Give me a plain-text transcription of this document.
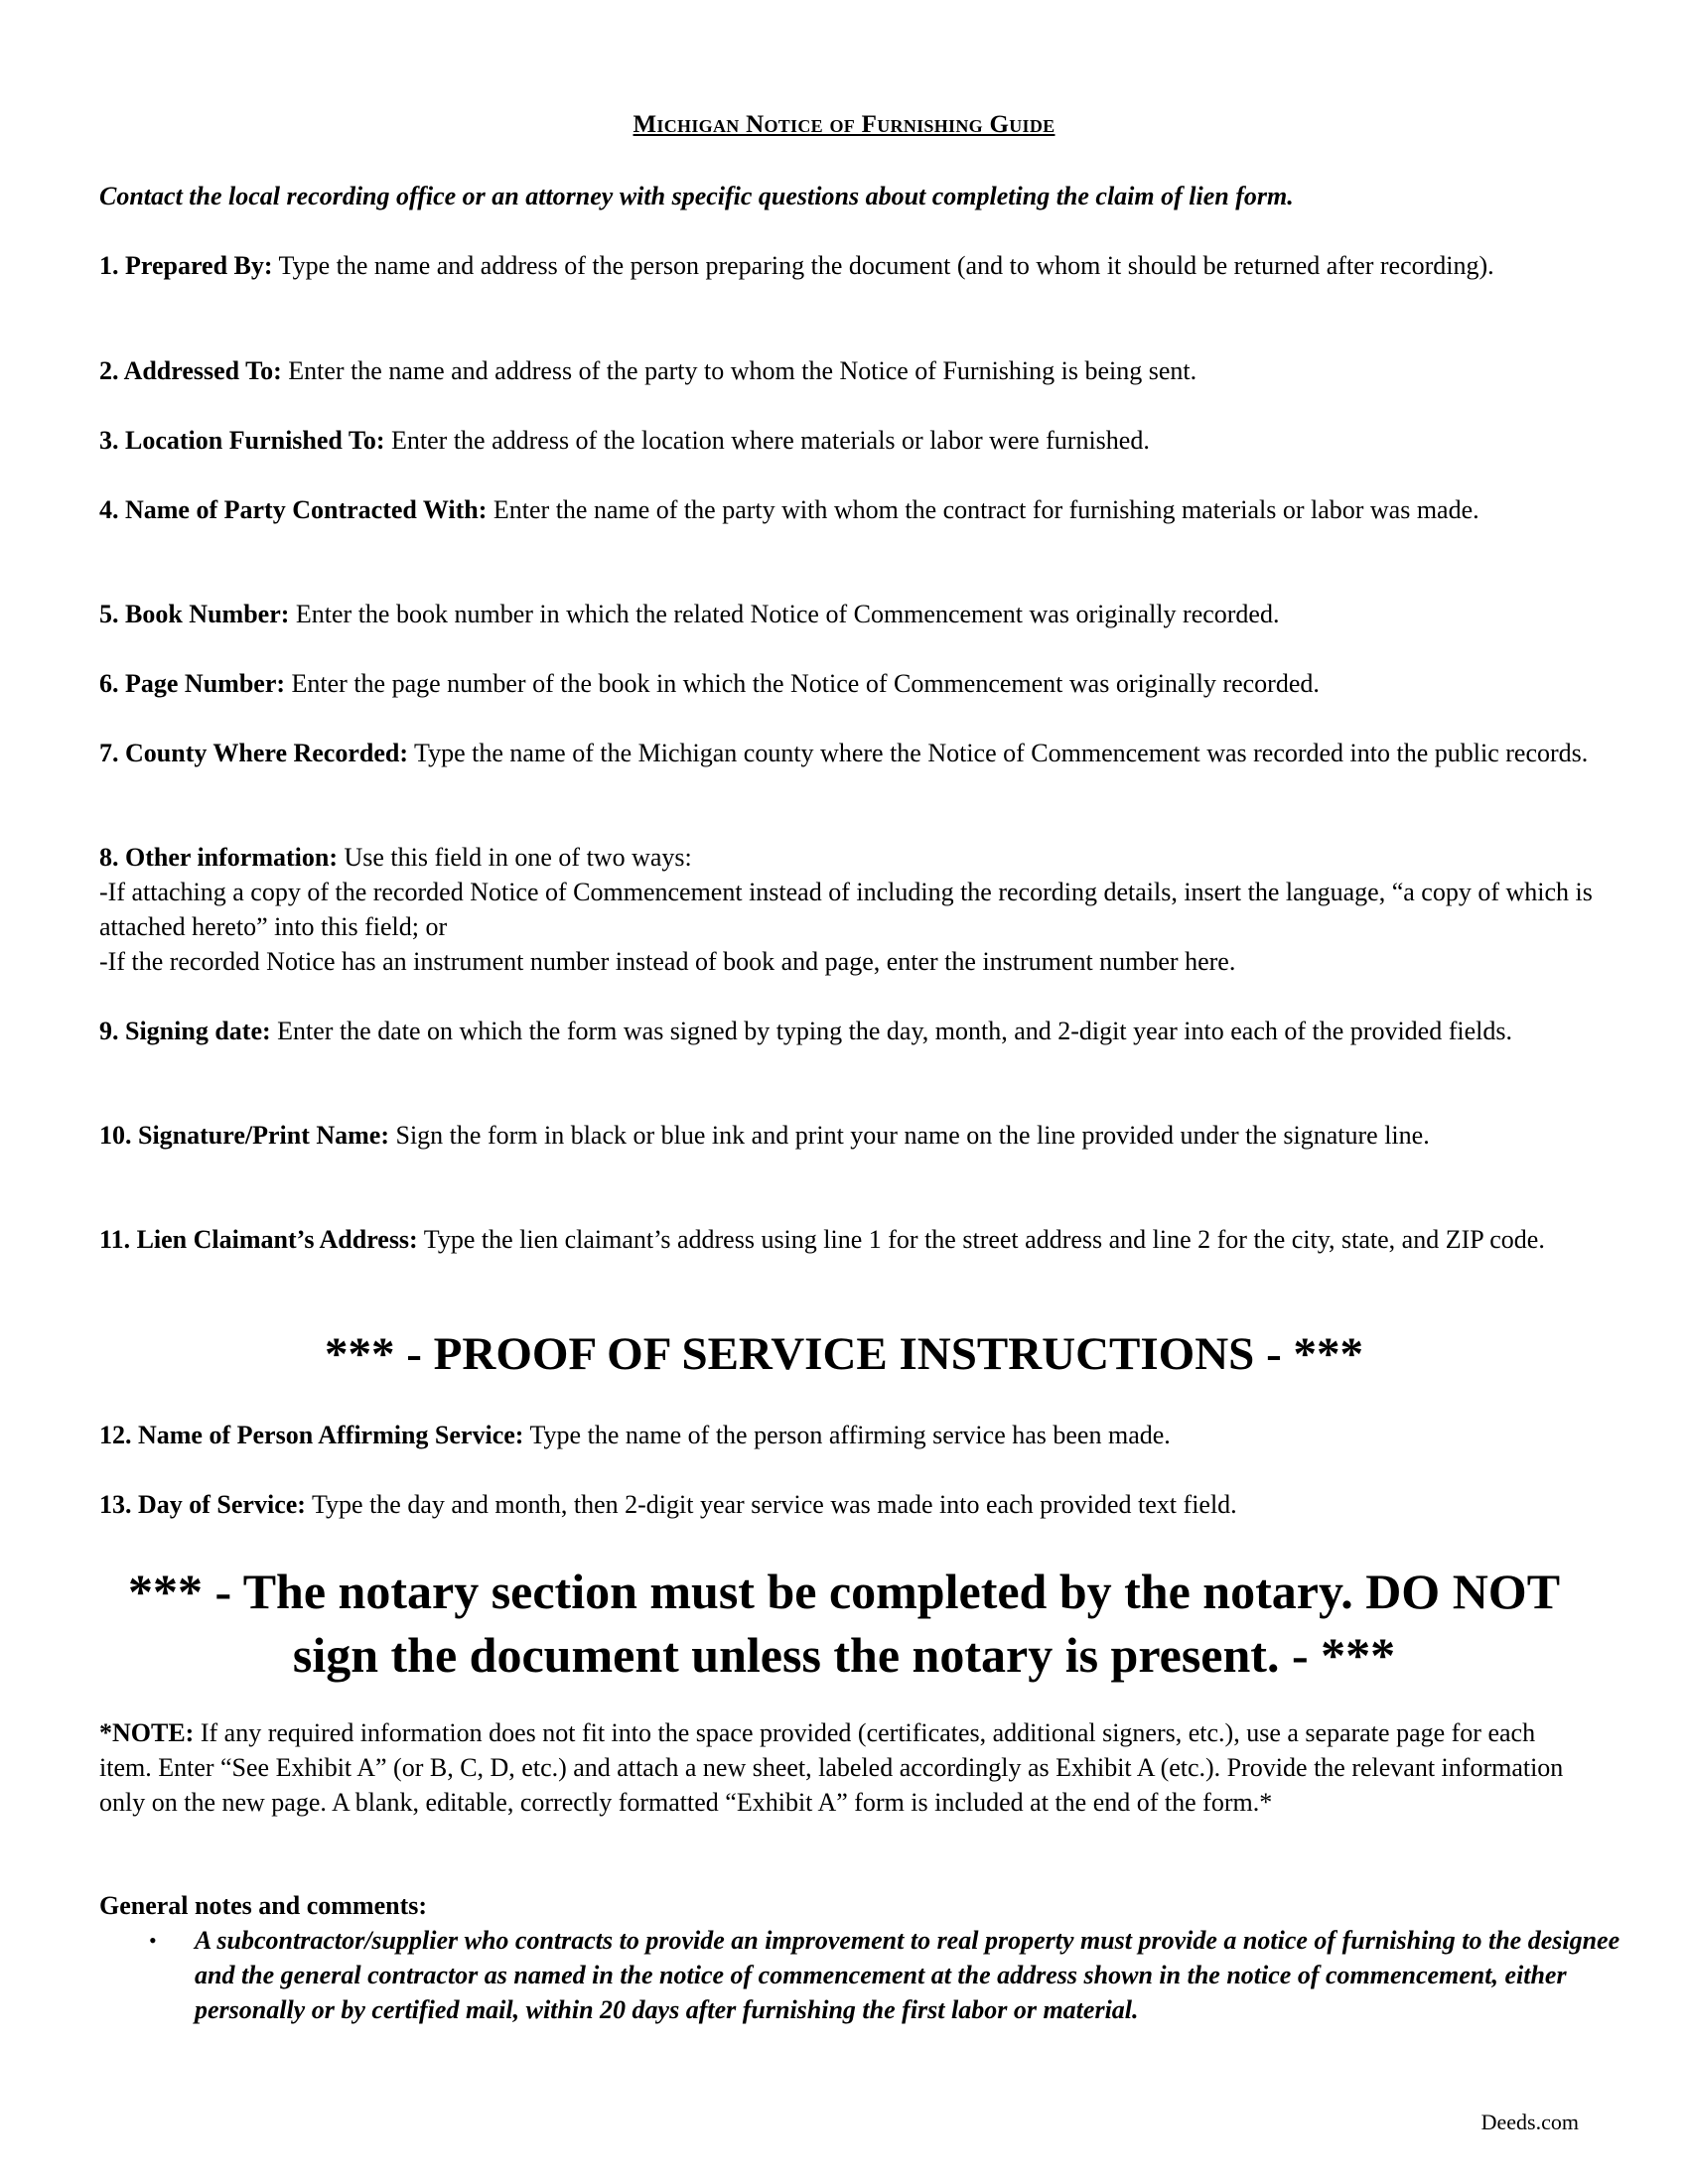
Michigan Notice of Furnishing Guide
Contact the local recording office or an attorney with specific questions about completing the claim of lien form.
1. Prepared By: Type the name and address of the person preparing the document (and to whom it should be returned after recording).
2. Addressed To: Enter the name and address of the party to whom the Notice of Furnishing is being sent.
3. Location Furnished To: Enter the address of the location where materials or labor were furnished.
4. Name of Party Contracted With: Enter the name of the party with whom the contract for furnishing materials or labor was made.
5. Book Number: Enter the book number in which the related Notice of Commencement was originally recorded.
6. Page Number: Enter the page number of the book in which the Notice of Commencement was originally recorded.
7. County Where Recorded: Type the name of the Michigan county where the Notice of Commencement was recorded into the public records.
8. Other information: Use this field in one of two ways:
-If attaching a copy of the recorded Notice of Commencement instead of including the recording details, insert the language, “a copy of which is attached hereto” into this field; or
-If the recorded Notice has an instrument number instead of book and page, enter the instrument number here.
9. Signing date: Enter the date on which the form was signed by typing the day, month, and 2-digit year into each of the provided fields.
10. Signature/Print Name: Sign the form in black or blue ink and print your name on the line provided under the signature line.
11. Lien Claimant’s Address: Type the lien claimant’s address using line 1 for the street address and line 2 for the city, state, and ZIP code.
*** - PROOF OF SERVICE INSTRUCTIONS - ***
12. Name of Person Affirming Service: Type the name of the person affirming service has been made.
13. Day of Service: Type the day and month, then 2-digit year service was made into each provided text field.
*** - The notary section must be completed by the notary. DO NOT sign the document unless the notary is present. - ***
*NOTE: If any required information does not fit into the space provided (certificates, additional signers, etc.), use a separate page for each item. Enter “See Exhibit A” (or B, C, D, etc.) and attach a new sheet, labeled accordingly as Exhibit A (etc.). Provide the relevant information only on the new page. A blank, editable, correctly formatted “Exhibit A” form is included at the end of the form.*
General notes and comments:
• A subcontractor/supplier who contracts to provide an improvement to real property must provide a notice of furnishing to the designee and the general contractor as named in the notice of commencement at the address shown in the notice of commencement, either personally or by certified mail, within 20 days after furnishing the first labor or material.
Deeds.com
